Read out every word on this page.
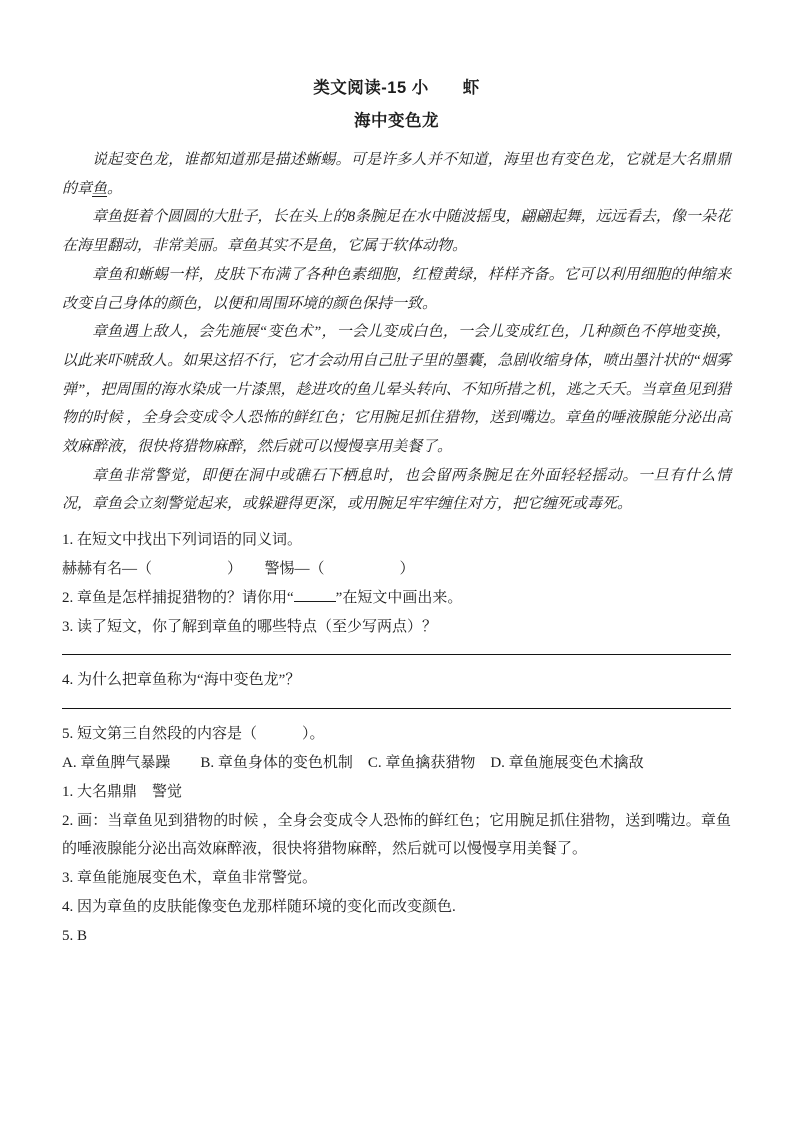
类文阅读-15 小　　虾
海中变色龙

说起变色龙，谁都知道那是描述蜥蜴。可是许多人并不知道，海里也有变色龙，它就是大名鼎鼎的章鱼。

章鱼挺着个圆圆的大肚子，长在头上的8条腕足在水中随波摇曳，翩翩起舞，远远看去，像一朵花在海里翻动，非常美丽。章鱼其实不是鱼，它属于软体动物。

章鱼和蜥蜴一样，皮肤下布满了各种色素细胞，红橙黄绿，样样齐备。它可以利用细胞的伸缩来改变自己身体的颜色，以便和周围环境的颜色保持一致。

章鱼遇上敌人，会先施展“变色术”，一会儿变成白色，一会儿变成红色，几种颜色不停地变换，以此来吓唬敌人。如果这招不行，它才会动用自己肚子里的墨囊，急剧收缩身体，喷出墨汁状的“烟雾弹”，把周围的海水染成一片漆黑，趁进攻的鱼儿晕头转向、不知所措之机，逃之夭夭。当章鱼见到猎物的时候 ，全身会变成令人恐怖的鲜红色；它用腕足抓住猎物，送到嘴边。章鱼的唾液腺能分泌出高效麻醉液，很快将猎物麻醉，然后就可以慢慢享用美餐了。

章鱼非常警觉，即便在洞中或礁石下栖息时，也会留两条腕足在外面轻轻摇动。一旦有什么情况，章鱼会立刻警觉起来，或躲避得更深，或用腕足牢牢缠住对方，把它缠死或毒死。

1. 在短文中找出下列词语的同义词。

赫赫有名—（　　　　　）　　警惕—（　　　　　）

2. 章鱼是怎样捕捉猎物的？请你用“	”在短文中画出来。

3. 读了短文，你了解到章鱼的哪些特点（至少写两点）？

4. 为什么把章鱼称为“海中变色龙”？

5. 短文第三自然段的内容是（　　　）。

A. 章鱼脾气暴躁　　B. 章鱼身体的变色机制　C. 章鱼擒获猎物　D. 章鱼施展变色术擒敌

1. 大名鼎鼎　警觉

2. 画：当章鱼见到猎物的时候 ，全身会变成令人恐怖的鲜红色；它用腕足抓住猎物，送到嘴边。章鱼的唾液腺能分泌出高效麻醉液，很快将猎物麻醉，然后就可以慢慢享用美餐了。

3. 章鱼能施展变色术，章鱼非常警觉。

4. 因为章鱼的皮肤能像变色龙那样随环境的变化而改变颜色.

5. B
